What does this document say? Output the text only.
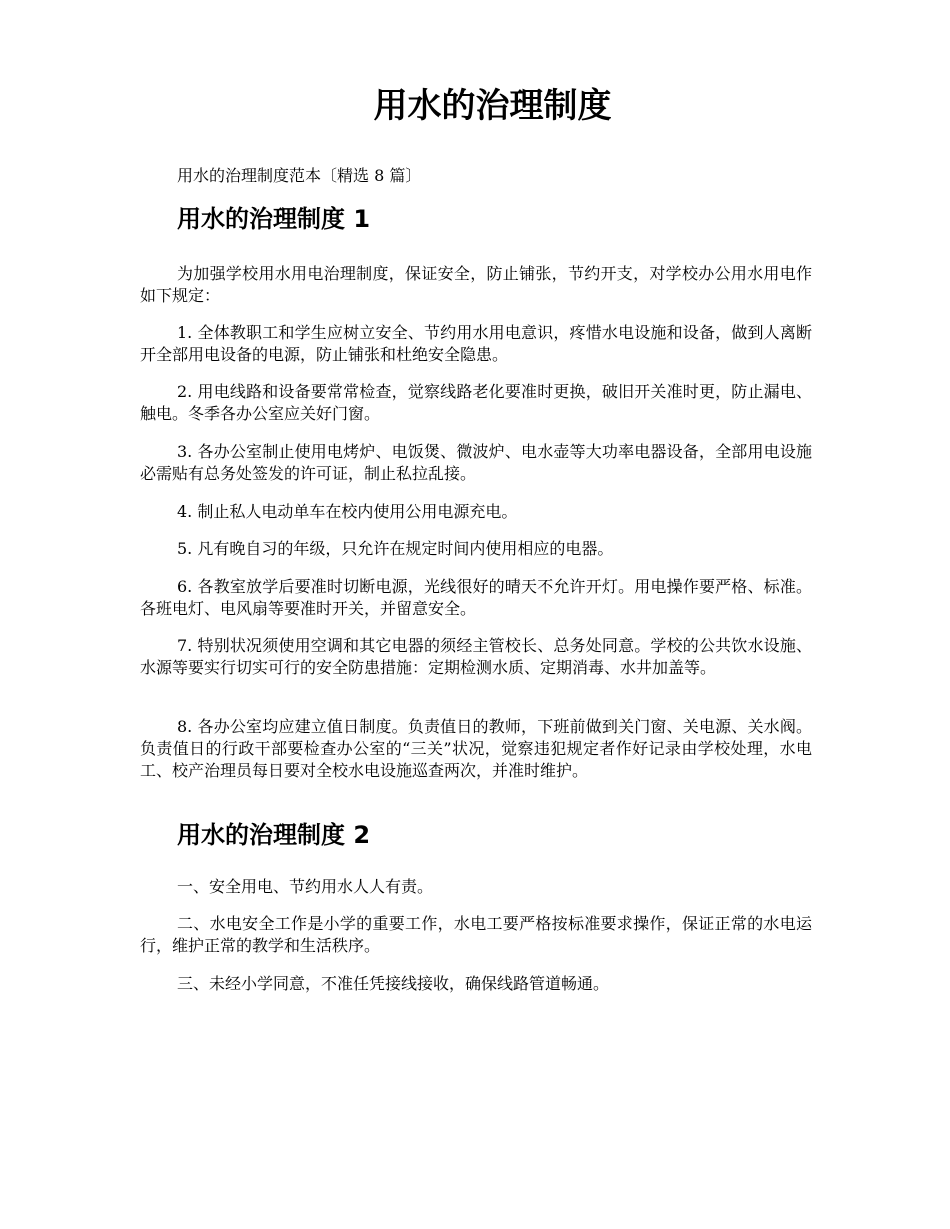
用水的治理制度

用水的治理制度范本〔精选 8 篇〕

用水的治理制度 1

为加强学校用水用电治理制度，保证安全，防止铺张，节约开支，对学校办公用水用电作如下规定：

1. 全体教职工和学生应树立安全、节约用水用电意识，疼惜水电设施和设备，做到人离断开全部用电设备的电源，防止铺张和杜绝安全隐患。

2. 用电线路和设备要常常检查，觉察线路老化要准时更换，破旧开关准时更，防止漏电、触电。冬季各办公室应关好门窗。

3. 各办公室制止使用电烤炉、电饭煲、微波炉、电水壶等大功率电器设备，全部用电设施必需贴有总务处签发的许可证，制止私拉乱接。

4. 制止私人电动单车在校内使用公用电源充电。

5. 凡有晚自习的年级，只允许在规定时间内使用相应的电器。

6. 各教室放学后要准时切断电源，光线很好的晴天不允许开灯。用电操作要严格、标准。各班电灯、电风扇等要准时开关，并留意安全。

7. 特别状况须使用空调和其它电器的须经主管校长、总务处同意。学校的公共饮水设施、水源等要实行切实可行的安全防患措施：定期检测水质、定期消毒、水井加盖等。

8. 各办公室均应建立值日制度。负责值日的教师，下班前做到关门窗、关电源、关水阀。负责值日的行政干部要检查办公室的“三关”状况，觉察违犯规定者作好记录由学校处理，水电工、校产治理员每日要对全校水电设施巡查两次，并准时维护。

用水的治理制度 2

一、安全用电、节约用水人人有责。

二、水电安全工作是小学的重要工作，水电工要严格按标准要求操作，保证正常的水电运行，维护正常的教学和生活秩序。

三、未经小学同意，不准任凭接线接收，确保线路管道畅通。
